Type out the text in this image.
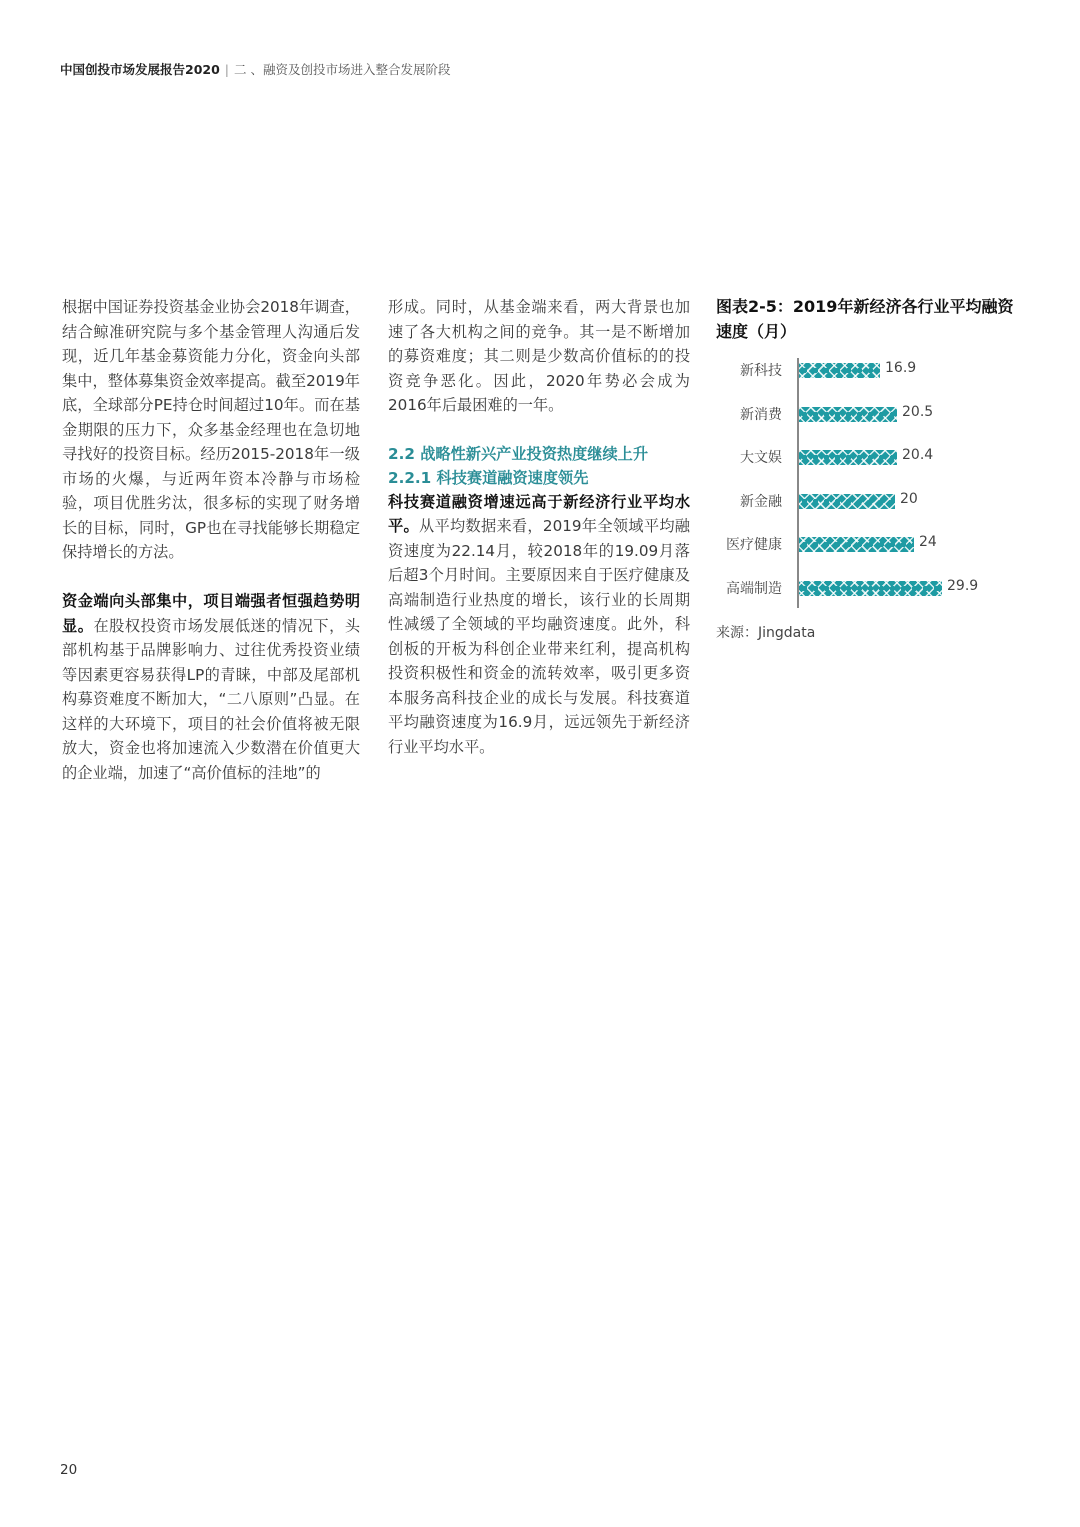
中国创投市场发展报告2020 | 二 、融资及创投市场进入整合发展阶段

根据中国证券投资基金业协会2018年调查，结合鲸准研究院与多个基金管理人沟通后发现，近几年基金募资能力分化，资金向头部集中，整体募集资金效率提高。截至2019年底，全球部分PE持仓时间超过10年。而在基金期限的压力下，众多基金经理也在急切地寻找好的投资目标。经历2015-2018年一级市场的火爆，与近两年资本冷静与市场检验，项目优胜劣汰，很多标的实现了财务增长的目标，同时，GP也在寻找能够长期稳定保持增长的方法。

资金端向头部集中，项目端强者恒强趋势明显。在股权投资市场发展低迷的情况下，头部机构基于品牌影响力、过往优秀投资业绩等因素更容易获得LP的青睐，中部及尾部机构募资难度不断加大，“二八原则”凸显。在这样的大环境下，项目的社会价值将被无限放大，资金也将加速流入少数潜在价值更大的企业端，加速了“高价值标的洼地”的

形成。同时，从基金端来看，两大背景也加速了各大机构之间的竞争。其一是不断增加的募资难度；其二则是少数高价值标的的投资竞争恶化。因此，2020年势必会成为2016年后最困难的一年。

2.2 战略性新兴产业投资热度继续上升
2.2.1 科技赛道融资速度领先

科技赛道融资增速远高于新经济行业平均水平。从平均数据来看，2019年全领域平均融资速度为22.14月，较2018年的19.09月落后超3个月时间。主要原因来自于医疗健康及高端制造行业热度的增长，该行业的长周期性减缓了全领域的平均融资速度。此外，科创板的开板为科创企业带来红利，提高机构投资积极性和资金的流转效率，吸引更多资本服务高科技企业的成长与发展。科技赛道平均融资速度为16.9月，远远领先于新经济行业平均水平。

图表2-5：2019年新经济各行业平均融资速度（月）

新科技	16.9
新消费	20.5
大文娱	20.4
新金融	20
医疗健康	24
高端制造	29.9
来源：Jingdata
20
